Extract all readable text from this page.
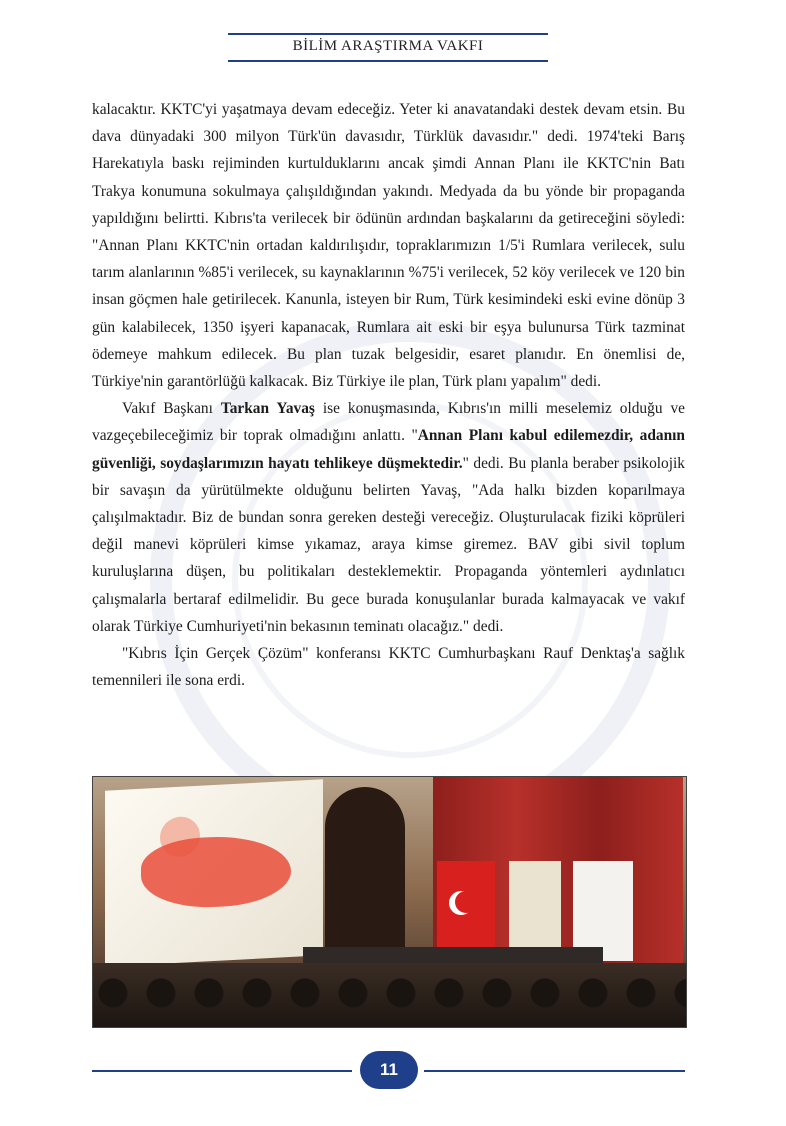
BİLİM ARAŞTIRMA VAKFI

kalacaktır. KKTC'yi yaşatmaya devam edeceğiz. Yeter ki anavatandaki destek devam etsin. Bu dava dünyadaki 300 milyon Türk'ün davasıdır, Türklük davasıdır." dedi. 1974'teki Barış Harekatıyla baskı rejiminden kurtulduklarını ancak şimdi Annan Planı ile KKTC'nin Batı Trakya konumuna sokulmaya çalışıldığından yakındı. Medyada da bu yönde bir propaganda yapıldığını belirtti. Kıbrıs'ta verilecek bir ödünün ardından başkalarını da getireceğini söyledi: "Annan Planı KKTC'nin ortadan kaldırılışıdır, topraklarımızın 1/5'i Rumlara verilecek, sulu tarım alanlarının %85'i verilecek, su kaynaklarının %75'i verilecek, 52 köy verilecek ve 120 bin insan göçmen hale getirilecek. Kanunla, isteyen bir Rum, Türk kesimindeki eski evine dönüp 3 gün kalabilecek, 1350 işyeri kapanacak, Rumlara ait eski bir eşya bulunursa Türk tazminat ödemeye mahkum edilecek. Bu plan tuzak belgesidir, esaret planıdır. En önemlisi de, Türkiye'nin garantörlüğü kalkacak. Biz Türkiye ile plan, Türk planı yapalım" dedi.

Vakıf Başkanı Tarkan Yavaş ise konuşmasında, Kıbrıs'ın milli meselemiz olduğu ve vazgeçebileceğimiz bir toprak olmadığını anlattı. "Annan Planı kabul edilemezdir, adanın güvenliği, soydaşlarımızın hayatı tehlikeye düşmektedir." dedi. Bu planla beraber psikolojik bir savaşın da yürütülmekte olduğunu belirten Yavaş, "Ada halkı bizden koparılmaya çalışılmaktadır. Biz de bundan sonra gereken desteği vereceğiz. Oluşturulacak fiziki köprüleri değil manevi köprüleri kimse yıkamaz, araya kimse giremez. BAV gibi sivil toplum kuruluşlarına düşen, bu politikaları desteklemektir. Propaganda yöntemleri aydınlatıcı çalışmalarla bertaraf edilmelidir. Bu gece burada konuşulanlar burada kalmayacak ve vakıf olarak Türkiye Cumhuriyeti'nin bekasının teminatı olacağız." dedi.

"Kıbrıs İçin Gerçek Çözüm" konferansı KKTC Cumhurbaşkanı Rauf Denktaş'a sağlık temennileri ile sona erdi.

11
